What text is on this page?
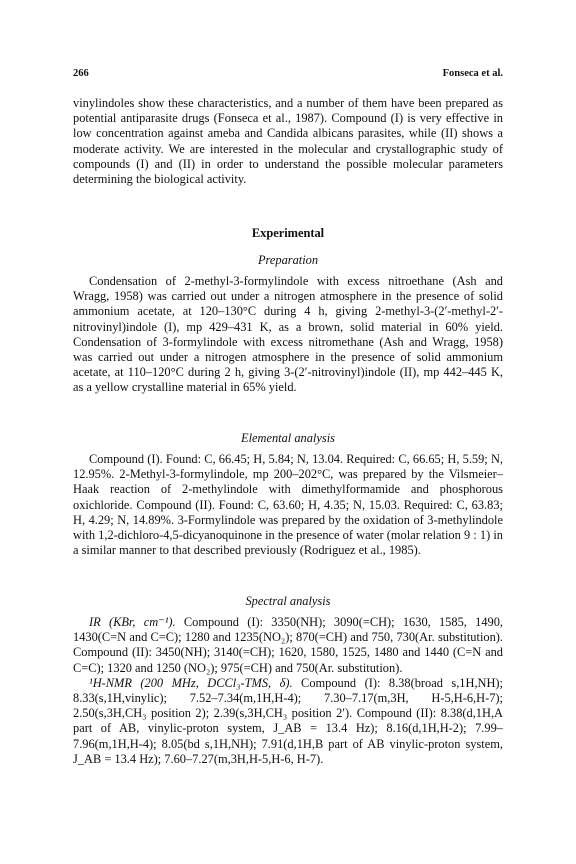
266	Fonseca et al.

vinylindoles show these characteristics, and a number of them have been prepared as potential antiparasite drugs (Fonseca et al., 1987). Compound (I) is very effective in low concentration against ameba and Candida albicans parasites, while (II) shows a moderate activity. We are interested in the molecular and crystallographic study of compounds (I) and (II) in order to understand the possible molecular parameters determining the biological activity.

Experimental
Preparation

Condensation of 2-methyl-3-formylindole with excess nitroethane (Ash and Wragg, 1958) was carried out under a nitrogen atmosphere in the presence of solid ammonium acetate, at 120–130°C during 4 h, giving 2-methyl-3-(2′-methyl-2′-nitrovinyl)indole (I), mp 429–431 K, as a brown, solid material in 60% yield. Condensation of 3-formylindole with excess nitromethane (Ash and Wragg, 1958) was carried out under a nitrogen atmosphere in the presence of solid ammonium acetate, at 110–120°C during 2 h, giving 3-(2′-nitrovinyl)indole (II), mp 442–445 K, as a yellow crystalline material in 65% yield.

Elemental analysis

Compound (I). Found: C, 66.45; H, 5.84; N, 13.04. Required: C, 66.65; H, 5.59; N, 12.95%. 2-Methyl-3-formylindole, mp 200–202°C, was prepared by the Vilsmeier–Haak reaction of 2-methylindole with dimethylformamide and phosphorous oxichloride. Compound (II). Found: C, 63.60; H, 4.35; N, 15.03. Required: C, 63.83; H, 4.29; N, 14.89%. 3-Formylindole was prepared by the oxidation of 3-methylindole with 1,2-dichloro-4,5-dicyanoquinone in the presence of water (molar relation 9 : 1) in a similar manner to that described previously (Rodriguez et al., 1985).

Spectral analysis

IR (KBr, cm⁻¹). Compound (I): 3350(NH); 3090(=CH); 1630, 1585, 1490, 1430(C=N and C=C); 1280 and 1235(NO₂); 870(=CH) and 750, 730(Ar. substitution). Compound (II): 3450(NH); 3140(=CH); 1620, 1580, 1525, 1480 and 1440 (C=N and C=C); 1320 and 1250 (NO₂); 975(=CH) and 750(Ar. substitution).

¹H-NMR (200 MHz, DCCl₃-TMS, δ). Compound (I): 8.38(broad s,1H,NH); 8.33(s,1H,vinylic); 7.52–7.34(m,1H,H-4); 7.30–7.17(m,3H, H-5,H-6,H-7); 2.50(s,3H,CH₃ position 2); 2.39(s,3H,CH₃ position 2′). Compound (II): 8.38(d,1H,A part of AB, vinylic-proton system, J_AB = 13.4 Hz); 8.16(d,1H,H-2); 7.99–7.96(m,1H,H-4); 8.05(bd s,1H,NH); 7.91(d,1H,B part of AB vinylic-proton system, J_AB = 13.4 Hz); 7.60–7.27(m,3H,H-5,H-6, H-7).
